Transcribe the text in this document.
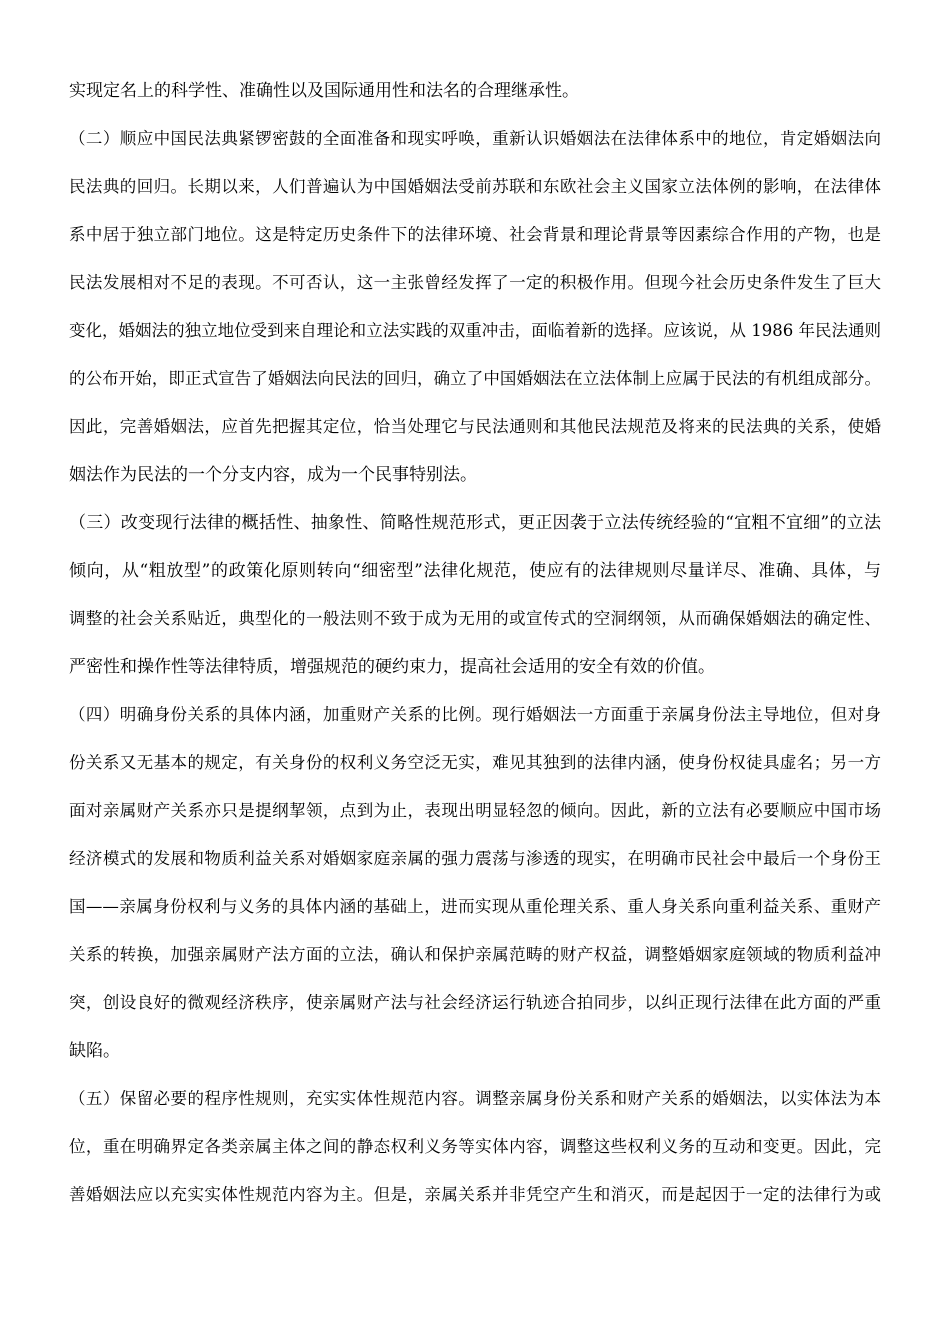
实现定名上的科学性、准确性以及国际通用性和法名的合理继承性。
（二）顺应中国民法典紧锣密鼓的全面准备和现实呼唤，重新认识婚姻法在法律体系中的地位，肯定婚姻法向
民法典的回归。长期以来，人们普遍认为中国婚姻法受前苏联和东欧社会主义国家立法体例的影响，在法律体
系中居于独立部门地位。这是特定历史条件下的法律环境、社会背景和理论背景等因素综合作用的产物，也是
民法发展相对不足的表现。不可否认，这一主张曾经发挥了一定的积极作用。但现今社会历史条件发生了巨大
变化，婚姻法的独立地位受到来自理论和立法实践的双重冲击，面临着新的选择。应该说，从 1986 年民法通则
的公布开始，即正式宣告了婚姻法向民法的回归，确立了中国婚姻法在立法体制上应属于民法的有机组成部分。
因此，完善婚姻法，应首先把握其定位，恰当处理它与民法通则和其他民法规范及将来的民法典的关系，使婚
姻法作为民法的一个分支内容，成为一个民事特别法。
（三）改变现行法律的概括性、抽象性、简略性规范形式，更正因袭于立法传统经验的“宜粗不宜细”的立法
倾向，从“粗放型”的政策化原则转向“细密型”法律化规范，使应有的法律规则尽量详尽、准确、具体，与
调整的社会关系贴近，典型化的一般法则不致于成为无用的或宣传式的空洞纲领，从而确保婚姻法的确定性、
严密性和操作性等法律特质，增强规范的硬约束力，提高社会适用的安全有效的价值。
（四）明确身份关系的具体内涵，加重财产关系的比例。现行婚姻法一方面重于亲属身份法主导地位，但对身
份关系又无基本的规定，有关身份的权利义务空泛无实，难见其独到的法律内涵，使身份权徒具虚名；另一方
面对亲属财产关系亦只是提纲挈领，点到为止，表现出明显轻忽的倾向。因此，新的立法有必要顺应中国市场
经济模式的发展和物质利益关系对婚姻家庭亲属的强力震荡与渗透的现实，在明确市民社会中最后一个身份王
国——亲属身份权利与义务的具体内涵的基础上，进而实现从重伦理关系、重人身关系向重利益关系、重财产
关系的转换，加强亲属财产法方面的立法，确认和保护亲属范畴的财产权益，调整婚姻家庭领域的物质利益冲
突，创设良好的微观经济秩序，使亲属财产法与社会经济运行轨迹合拍同步，以纠正现行法律在此方面的严重
缺陷。
（五）保留必要的程序性规则，充实实体性规范内容。调整亲属身份关系和财产关系的婚姻法，以实体法为本
位，重在明确界定各类亲属主体之间的静态权利义务等实体内容，调整这些权利义务的互动和变更。因此，完
善婚姻法应以充实实体性规范内容为主。但是，亲属关系并非凭空产生和消灭，而是起因于一定的法律行为或
